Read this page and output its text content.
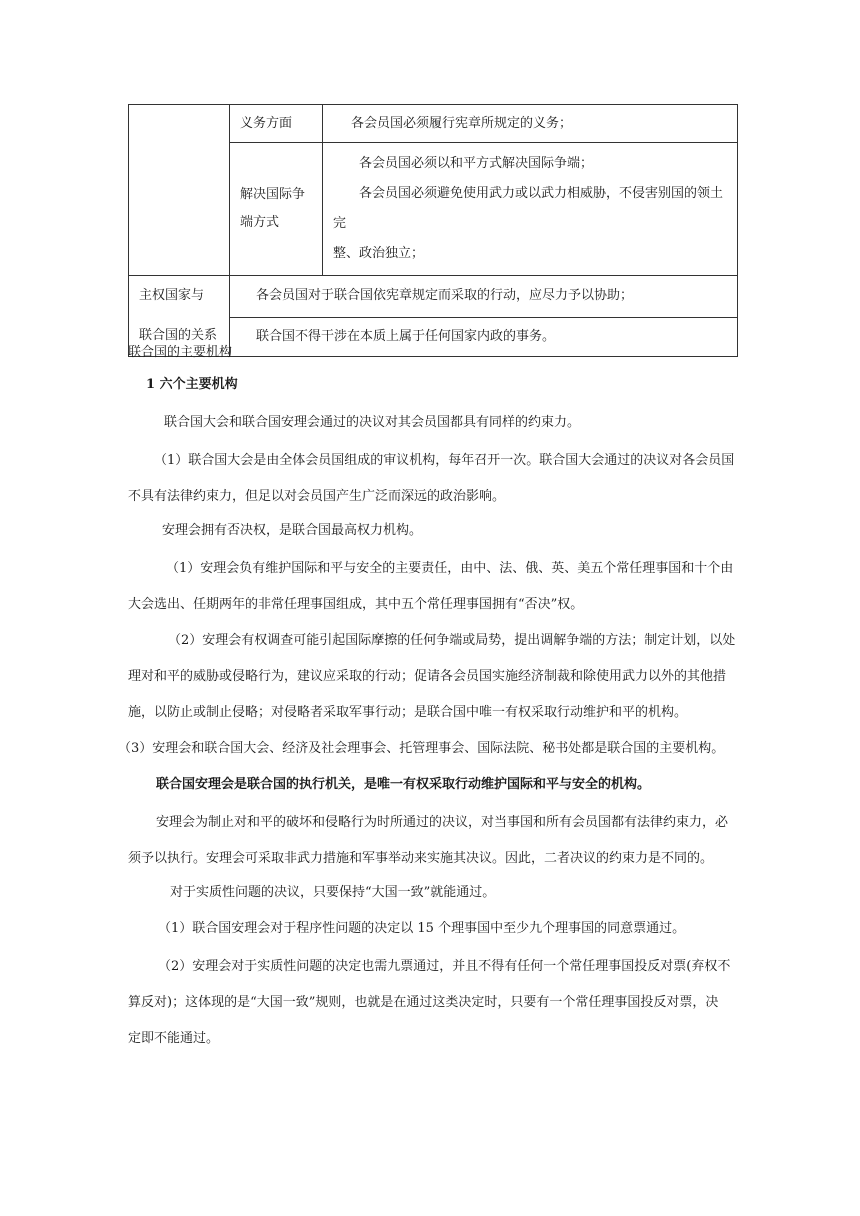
	义务方面	各会员国必须履行宪章所规定的义务；

	解决国际争
端方式	各会员国必须以和平方式解决国际争端；
各会员国必须避免使用武力或以武力相威胁，不侵害别国的领土完
整、政治独立；

主权国家与
联合国的关系	各会员国对于联合国依宪章规定而采取的行动，应尽力予以协助；	
	联合国不得干涉在本质上属于任何国家内政的事务。	

联合国的主要机构

1 六个主要机构

联合国大会和联合国安理会通过的决议对其会员国都具有同样的约束力。

（1）联合国大会是由全体会员国组成的审议机构，每年召开一次。联合国大会通过的决议对各会员国

不具有法律约束力，但足以对会员国产生广泛而深远的政治影响。

安理会拥有否决权，是联合国最高权力机构。

（1）安理会负有维护国际和平与安全的主要责任，由中、法、俄、英、美五个常任理事国和十个由

大会选出、任期两年的非常任理事国组成，其中五个常任理事国拥有“否决”权。

（2）安理会有权调查可能引起国际摩擦的任何争端或局势，提出调解争端的方法；制定计划，以处

理对和平的威胁或侵略行为，建议应采取的行动；促请各会员国实施经济制裁和除使用武力以外的其他措

施，以防止或制止侵略；对侵略者采取军事行动；是联合国中唯一有权采取行动维护和平的机构。

（3）安理会和联合国大会、经济及社会理事会、托管理事会、国际法院、秘书处都是联合国的主要机构。

联合国安理会是联合国的执行机关，是唯一有权采取行动维护国际和平与安全的机构。

安理会为制止对和平的破坏和侵略行为时所通过的决议，对当事国和所有会员国都有法律约束力，必

须予以执行。安理会可采取非武力措施和军事举动来实施其决议。因此，二者决议的约束力是不同的。

对于实质性问题的决议，只要保持“大国一致”就能通过。

（1）联合国安理会对于程序性问题的决定以 15 个理事国中至少九个理事国的同意票通过。

（2）安理会对于实质性问题的决定也需九票通过，并且不得有任何一个常任理事国投反对票(弃权不

算反对)；这体现的是“大国一致”规则，也就是在通过这类决定时，只要有一个常任理事国投反对票，决

定即不能通过。
